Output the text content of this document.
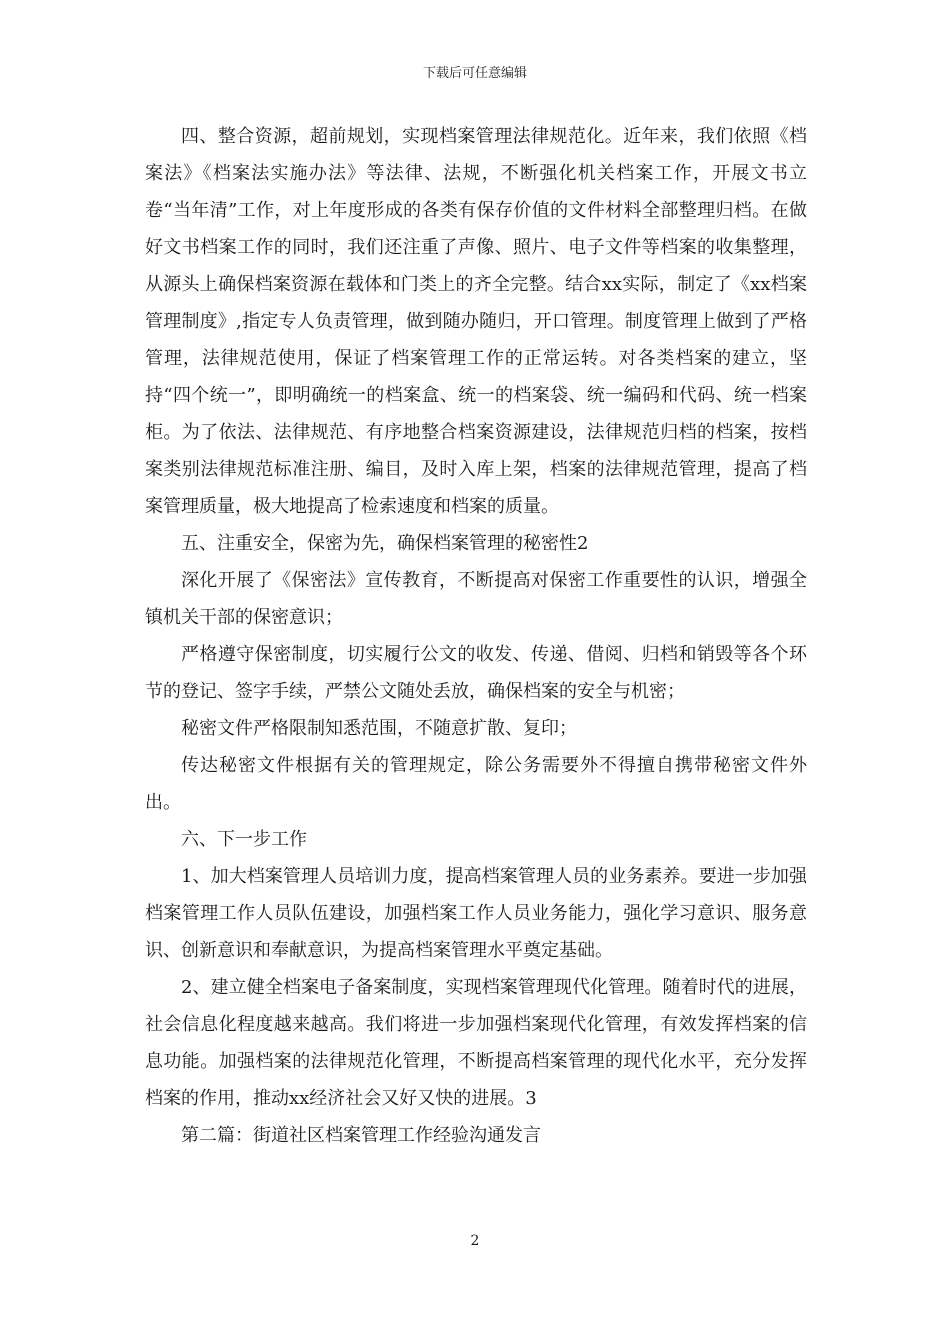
下载后可任意编辑

四、整合资源，超前规划，实现档案管理法律规范化。近年来，我们依照《档案法》《档案法实施办法》等法律、法规，不断强化机关档案工作，开展文书立卷“当年清”工作，对上年度形成的各类有保存价值的文件材料全部整理归档。在做好文书档案工作的同时，我们还注重了声像、照片、电子文件等档案的收集整理，从源头上确保档案资源在载体和门类上的齐全完整。结合xx实际，制定了《xx档案管理制度》,指定专人负责管理，做到随办随归，开口管理。制度管理上做到了严格管理，法律规范使用，保证了档案管理工作的正常运转。对各类档案的建立，坚持“四个统一”，即明确统一的档案盒、统一的档案袋、统一编码和代码、统一档案柜。为了依法、法律规范、有序地整合档案资源建设，法律规范归档的档案，按档案类别法律规范标准注册、编目，及时入库上架，档案的法律规范管理，提高了档案管理质量，极大地提高了检索速度和档案的质量。

五、注重安全，保密为先，确保档案管理的秘密性2

深化开展了《保密法》宣传教育，不断提高对保密工作重要性的认识，增强全镇机关干部的保密意识；

严格遵守保密制度，切实履行公文的收发、传递、借阅、归档和销毁等各个环节的登记、签字手续，严禁公文随处丢放，确保档案的安全与机密；

秘密文件严格限制知悉范围，不随意扩散、复印；

传达秘密文件根据有关的管理规定，除公务需要外不得擅自携带秘密文件外出。

六、下一步工作

1、加大档案管理人员培训力度，提高档案管理人员的业务素养。要进一步加强档案管理工作人员队伍建设，加强档案工作人员业务能力，强化学习意识、服务意识、创新意识和奉献意识，为提高档案管理水平奠定基础。

2、建立健全档案电子备案制度，实现档案管理现代化管理。随着时代的进展，社会信息化程度越来越高。我们将进一步加强档案现代化管理，有效发挥档案的信息功能。加强档案的法律规范化管理，不断提高档案管理的现代化水平，充分发挥档案的作用，推动xx经济社会又好又快的进展。3

第二篇：街道社区档案管理工作经验沟通发言

2
